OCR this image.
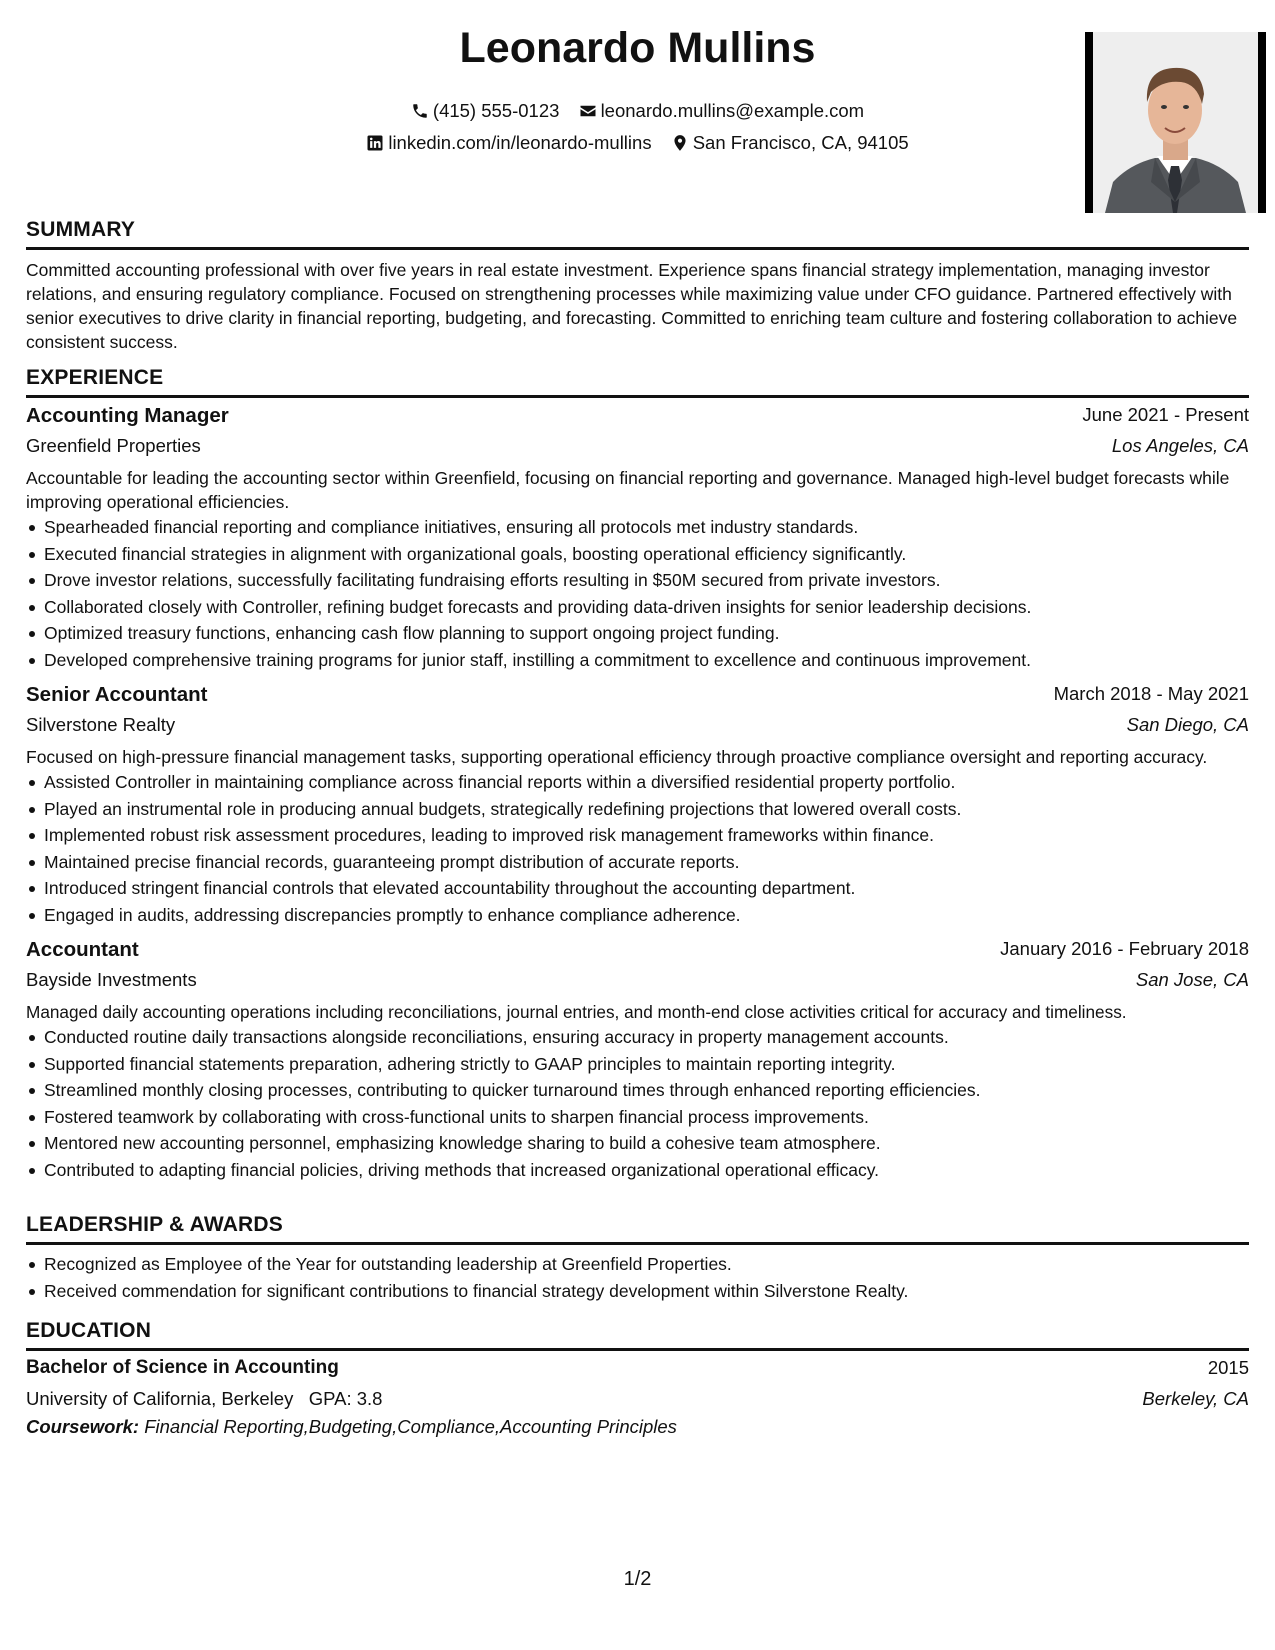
Leonardo Mullins
(415) 555-0123
leonardo.mullins@example.com
linkedin.com/in/leonardo-mullins
San Francisco, CA, 94105
SUMMARY
Committed accounting professional with over five years in real estate investment. Experience spans financial strategy implementation, managing investor relations, and ensuring regulatory compliance. Focused on strengthening processes while maximizing value under CFO guidance. Partnered effectively with senior executives to drive clarity in financial reporting, budgeting, and forecasting. Committed to enriching team culture and fostering collaboration to achieve consistent success.
EXPERIENCE
Accounting Manager	June 2021 - Present
Greenfield Properties	Los Angeles, CA
Accountable for leading the accounting sector within Greenfield, focusing on financial reporting and governance. Managed high-level budget forecasts while improving operational efficiencies.
Spearheaded financial reporting and compliance initiatives, ensuring all protocols met industry standards.
Executed financial strategies in alignment with organizational goals, boosting operational efficiency significantly.
Drove investor relations, successfully facilitating fundraising efforts resulting in $50M secured from private investors.
Collaborated closely with Controller, refining budget forecasts and providing data-driven insights for senior leadership decisions.
Optimized treasury functions, enhancing cash flow planning to support ongoing project funding.
Developed comprehensive training programs for junior staff, instilling a commitment to excellence and continuous improvement.
Senior Accountant	March 2018 - May 2021
Silverstone Realty	San Diego, CA
Focused on high-pressure financial management tasks, supporting operational efficiency through proactive compliance oversight and reporting accuracy.
Assisted Controller in maintaining compliance across financial reports within a diversified residential property portfolio.
Played an instrumental role in producing annual budgets, strategically redefining projections that lowered overall costs.
Implemented robust risk assessment procedures, leading to improved risk management frameworks within finance.
Maintained precise financial records, guaranteeing prompt distribution of accurate reports.
Introduced stringent financial controls that elevated accountability throughout the accounting department.
Engaged in audits, addressing discrepancies promptly to enhance compliance adherence.
Accountant	January 2016 - February 2018
Bayside Investments	San Jose, CA
Managed daily accounting operations including reconciliations, journal entries, and month-end close activities critical for accuracy and timeliness.
Conducted routine daily transactions alongside reconciliations, ensuring accuracy in property management accounts.
Supported financial statements preparation, adhering strictly to GAAP principles to maintain reporting integrity.
Streamlined monthly closing processes, contributing to quicker turnaround times through enhanced reporting efficiencies.
Fostered teamwork by collaborating with cross-functional units to sharpen financial process improvements.
Mentored new accounting personnel, emphasizing knowledge sharing to build a cohesive team atmosphere.
Contributed to adapting financial policies, driving methods that increased organizational operational efficacy.
LEADERSHIP & AWARDS
Recognized as Employee of the Year for outstanding leadership at Greenfield Properties.
Received commendation for significant contributions to financial strategy development within Silverstone Realty.
EDUCATION
Bachelor of Science in Accounting	2015
University of California, Berkeley GPA: 3.8	Berkeley, CA
Coursework: Financial Reporting,Budgeting,Compliance,Accounting Principles
1/2
